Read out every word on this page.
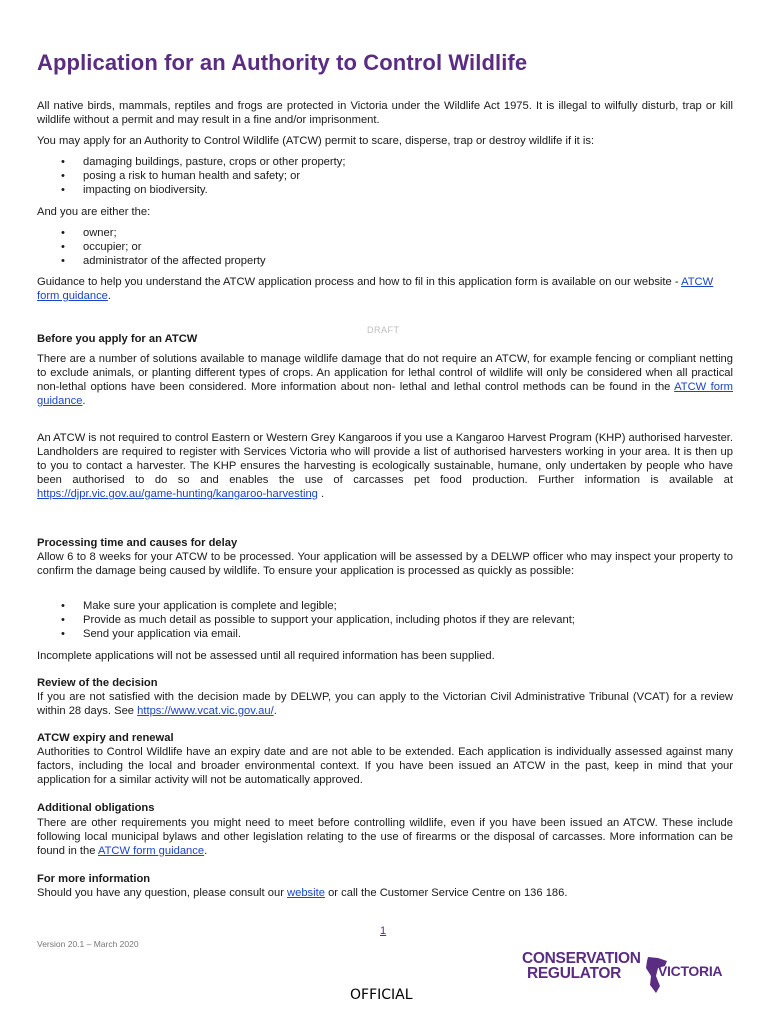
Application for an Authority to Control Wildlife

All native birds, mammals, reptiles and frogs are protected in Victoria under the Wildlife Act 1975. It is illegal to wilfully disturb, trap or kill wildlife without a permit and may result in a fine and/or imprisonment.

You may apply for an Authority to Control Wildlife (ATCW) permit to scare, disperse, trap or destroy wildlife if it is:

• damaging buildings, pasture, crops or other property;
• posing a risk to human health and safety; or
• impacting on biodiversity.

And you are either the:

• owner;
• occupier; or
• administrator of the affected property

Guidance to help you understand the ATCW application process and how to fil in this application form is available on our website - ATCW form guidance.

DRAFT

Before you apply for an ATCW

There are a number of solutions available to manage wildlife damage that do not require an ATCW, for example fencing or compliant netting to exclude animals, or planting different types of crops. An application for lethal control of wildlife will only be considered when all practical non-lethal options have been considered. More information about non- lethal and lethal control methods can be found in the ATCW form guidance.

An ATCW is not required to control Eastern or Western Grey Kangaroos if you use a Kangaroo Harvest Program (KHP) authorised harvester. Landholders are required to register with Services Victoria who will provide a list of authorised harvesters working in your area. It is then up to you to contact a harvester. The KHP ensures the harvesting is ecologically sustainable, humane, only undertaken by people who have been authorised to do so and enables the use of carcasses pet food production. Further information is available at https://djpr.vic.gov.au/game-hunting/kangaroo-harvesting .

Processing time and causes for delay

Allow 6 to 8 weeks for your ATCW to be processed. Your application will be assessed by a DELWP officer who may inspect your property to confirm the damage being caused by wildlife. To ensure your application is processed as quickly as possible:

• Make sure your application is complete and legible;
• Provide as much detail as possible to support your application, including photos if they are relevant;
• Send your application via email.

Incomplete applications will not be assessed until all required information has been supplied.

Review of the decision

If you are not satisfied with the decision made by DELWP, you can apply to the Victorian Civil Administrative Tribunal (VCAT) for a review within 28 days. See https://www.vcat.vic.gov.au/.

ATCW expiry and renewal

Authorities to Control Wildlife have an expiry date and are not able to be extended. Each application is individually assessed against many factors, including the local and broader environmental context. If you have been issued an ATCW in the past, keep in mind that your application for a similar activity will not be automatically approved.

Additional obligations

There are other requirements you might need to meet before controlling wildlife, even if you have been issued an ATCW. These include following local municipal bylaws and other legislation relating to the use of firearms or the disposal of carcasses. More information can be found in the ATCW form guidance.

For more information

Should you have any question, please consult our website or call the Customer Service Centre on 136 186.

1
Version 20.1 – March 2020
CONSERVATION
REGULATOR	VICTORIA
OFFICIAL
